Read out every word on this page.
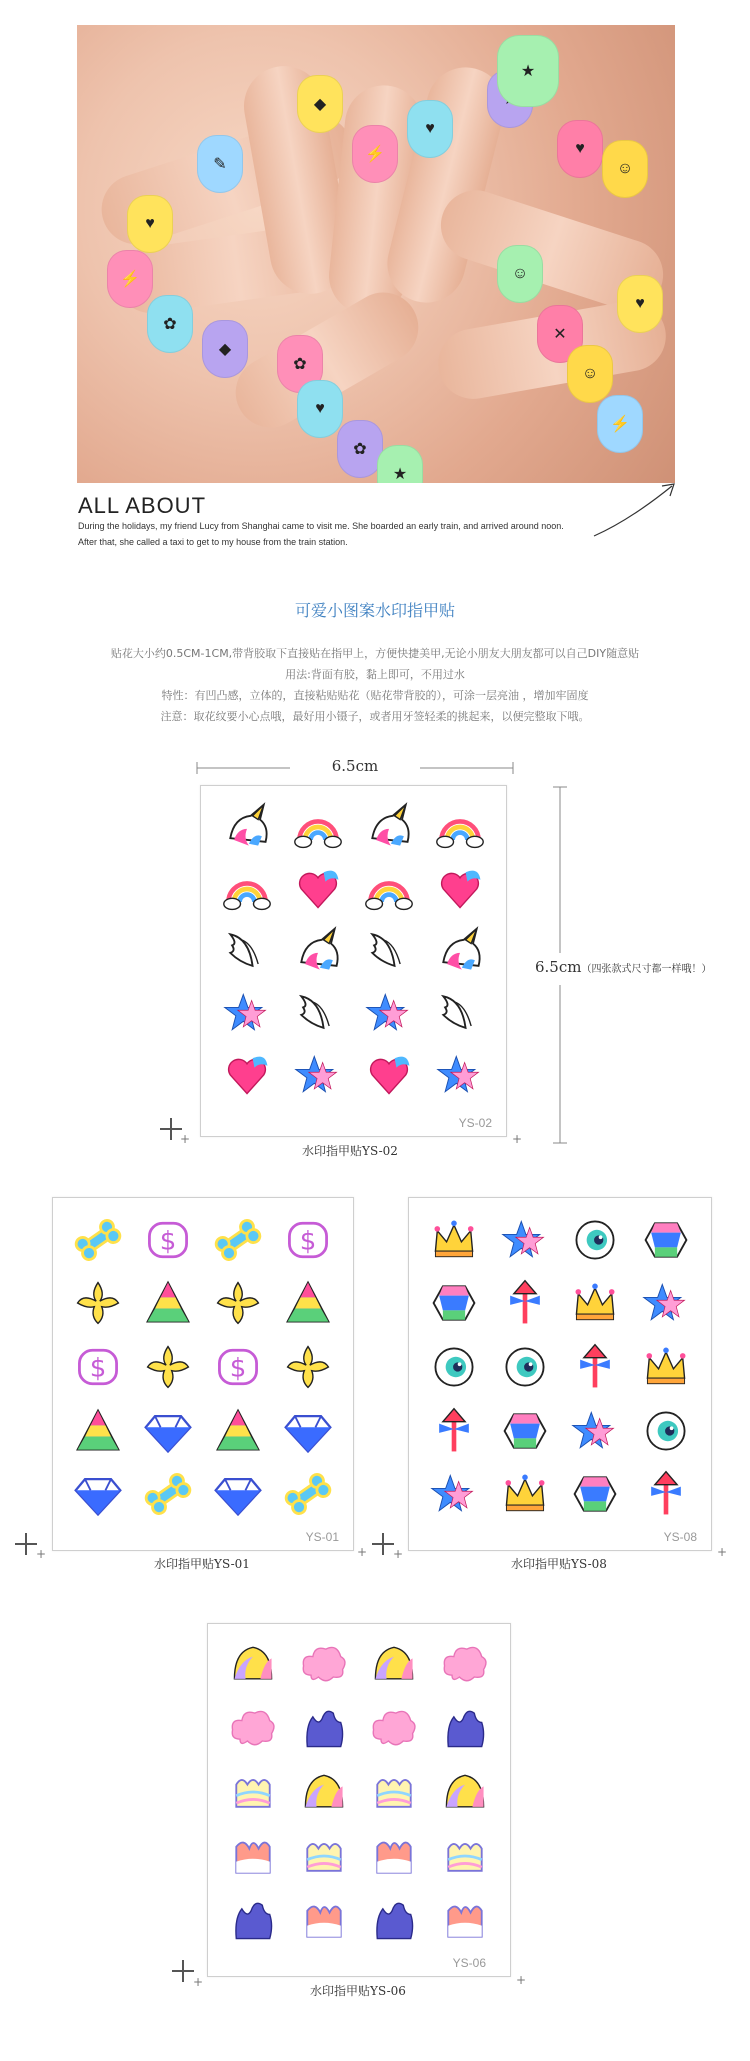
◆
⚡
♥
★
♥
☺
✎
♥
⚡
✿
◆
☺
✕
☺
⚡
♥
✿
♥
✿
★
ALL ABOUT
During the holidays, my friend Lucy from Shanghai came to visit me. She boarded an early train, and arrived around noon.
After that, she called a taxi to get to my house from the train station.
可爱小图案水印指甲贴
贴花大小约0.5CM-1CM,带背胶取下直接贴在指甲上，方便快捷美甲,无论小朋友大朋友都可以自己DIY随意贴
用法:背面有胶，黏上即可，不用过水
特性：有凹凸感，立体的，直接粘贴贴花（贴花带背胶的），可涂一层亮油 ，增加牢固度
注意：取花纹要小心点哦，最好用小镊子，或者用牙签轻柔的挑起来，以便完整取下哦。
6.5cm
6.5cm（四张款式尺寸都一样哦！）
YS-02
+	+
水印指甲贴YS-02
$	$
$	$
YS-01
+	+
水印指甲贴YS-01
YS-08
+	+
水印指甲贴YS-08
YS-06
+	+
水印指甲贴YS-06
